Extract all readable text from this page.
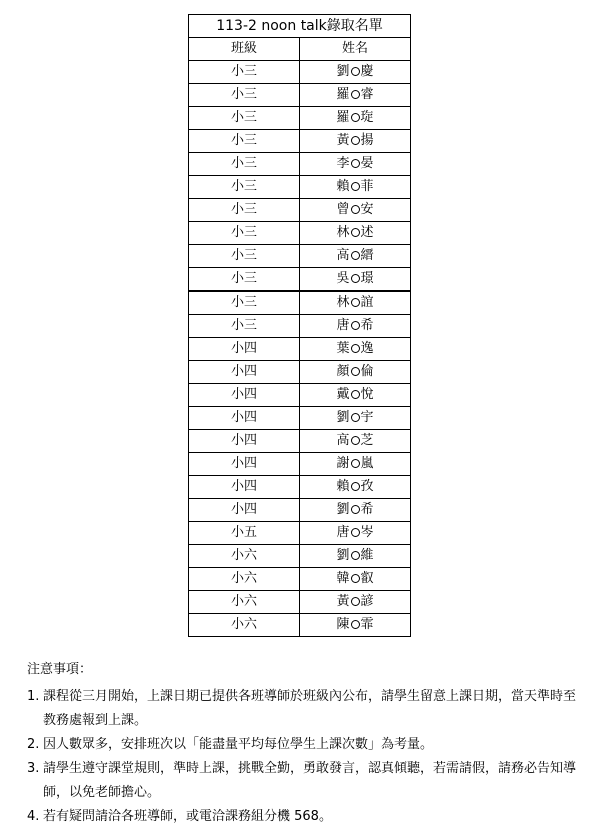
113-2 noon talk錄取名單	
班級	姓名
小三	劉 慶
小三	羅 睿
小三	羅 琁
小三	黃 揚
小三	李 晏
小三	賴 菲
小三	曾 安
小三	林 述
小三	高 縉
小三	吳 璟
小三	林 誼
小三	唐 希
小四	葉 逸
小四	顏 倫
小四	戴 悅
小四	劉 宇
小四	高 芝
小四	謝 嵐
小四	賴 孜
小四	劉 希
小五	唐 岑
小六	劉 維
小六	韓 叡
小六	黃 諺
小六	陳 霏
注意事項：
1. 課程從三月開始，上課日期已提供各班導師於班級內公布，請學生留意上課日期，當天準時至教務處報到上課。
2. 因人數眾多，安排班次以「能盡量平均每位學生上課次數」為考量。
3. 請學生遵守課堂規則，準時上課，挑戰全勤，勇敢發言，認真傾聽，若需請假，請務必告知導師，以免老師擔心。
4. 若有疑問請洽各班導師，或電洽課務組分機 568。
